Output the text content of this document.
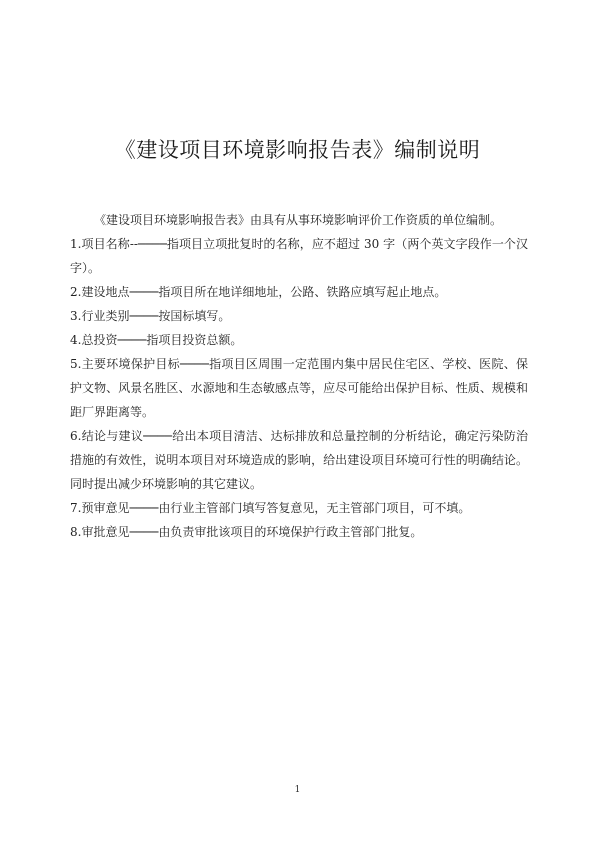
《建设项目环境影响报告表》编制说明

《建设项目环境影响报告表》由具有从事环境影响评价工作资质的单位编制。

1.项目名称--────指项目立项批复时的名称，应不超过 30 字（两个英文字段作一个汉字）。

2.建设地点────指项目所在地详细地址，公路、铁路应填写起止地点。

3.行业类别────按国标填写。

4.总投资────指项目投资总额。

5.主要环境保护目标────指项目区周围一定范围内集中居民住宅区、学校、医院、保护文物、风景名胜区、水源地和生态敏感点等，应尽可能给出保护目标、性质、规模和距厂界距离等。

6.结论与建议────给出本项目清洁、达标排放和总量控制的分析结论，确定污染防治措施的有效性，说明本项目对环境造成的影响，给出建设项目环境可行性的明确结论。同时提出减少环境影响的其它建议。

7.预审意见────由行业主管部门填写答复意见，无主管部门项目，可不填。

8.审批意见────由负责审批该项目的环境保护行政主管部门批复。

1
